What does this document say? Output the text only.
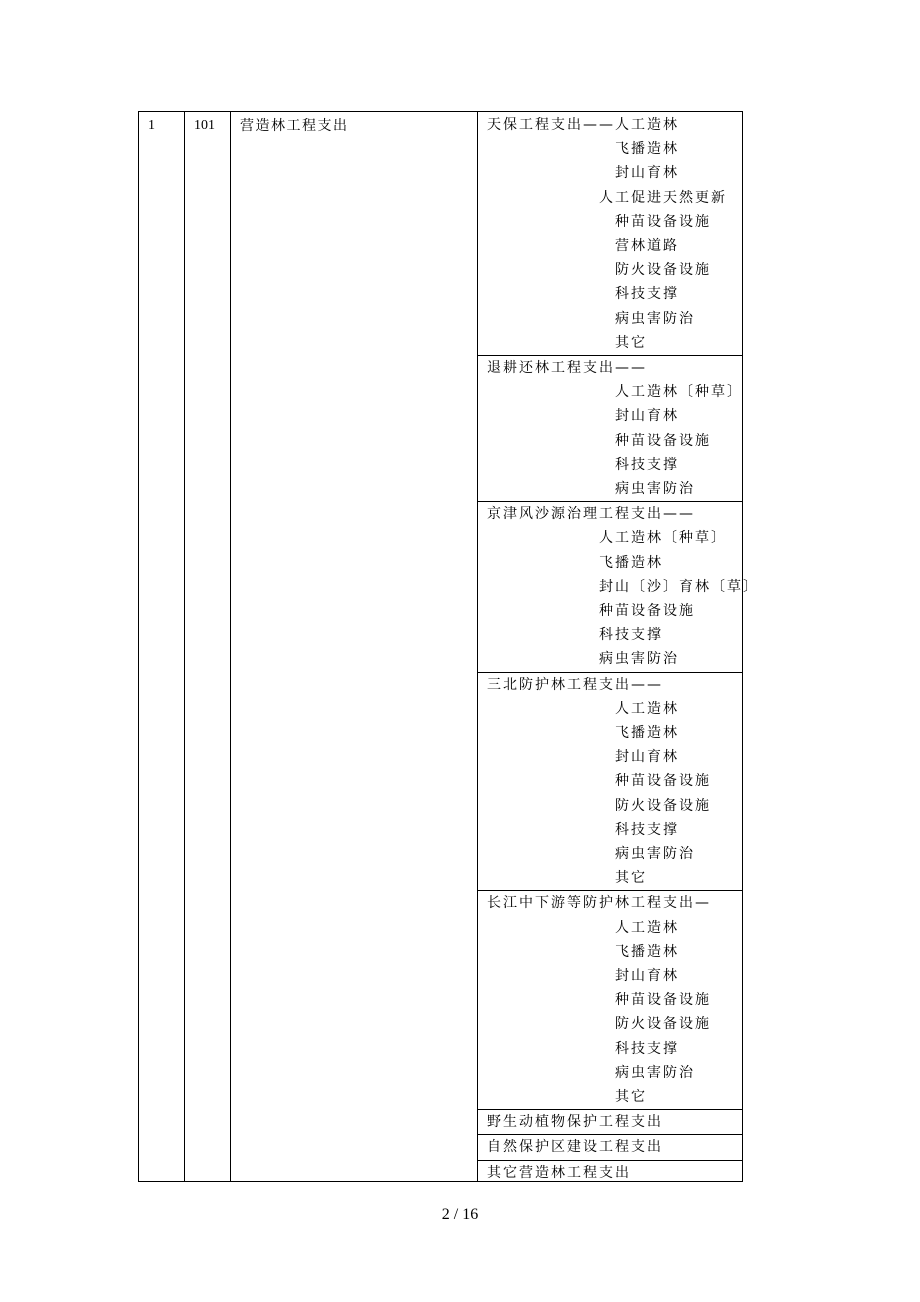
1	101 营造林工程支出	天保工程支出——人工造林
飞播造林
封山育林
人工促进天然更新
种苗设备设施
营林道路
防火设备设施
科技支撑
病虫害防治
其它
退耕还林工程支出——
人工造林〔种草〕
封山育林
种苗设备设施
科技支撑
病虫害防治
京津风沙源治理工程支出——
人工造林〔种草〕
飞播造林
封山〔沙〕育林〔草〕
种苗设备设施
科技支撑
病虫害防治
三北防护林工程支出——
人工造林
飞播造林
封山育林
种苗设备设施
防火设备设施
科技支撑
病虫害防治
其它
长江中下游等防护林工程支出—
人工造林
飞播造林
封山育林
种苗设备设施
防火设备设施
科技支撑
病虫害防治
其它
野生动植物保护工程支出
自然保护区建设工程支出
其它营造林工程支出
2 / 16
